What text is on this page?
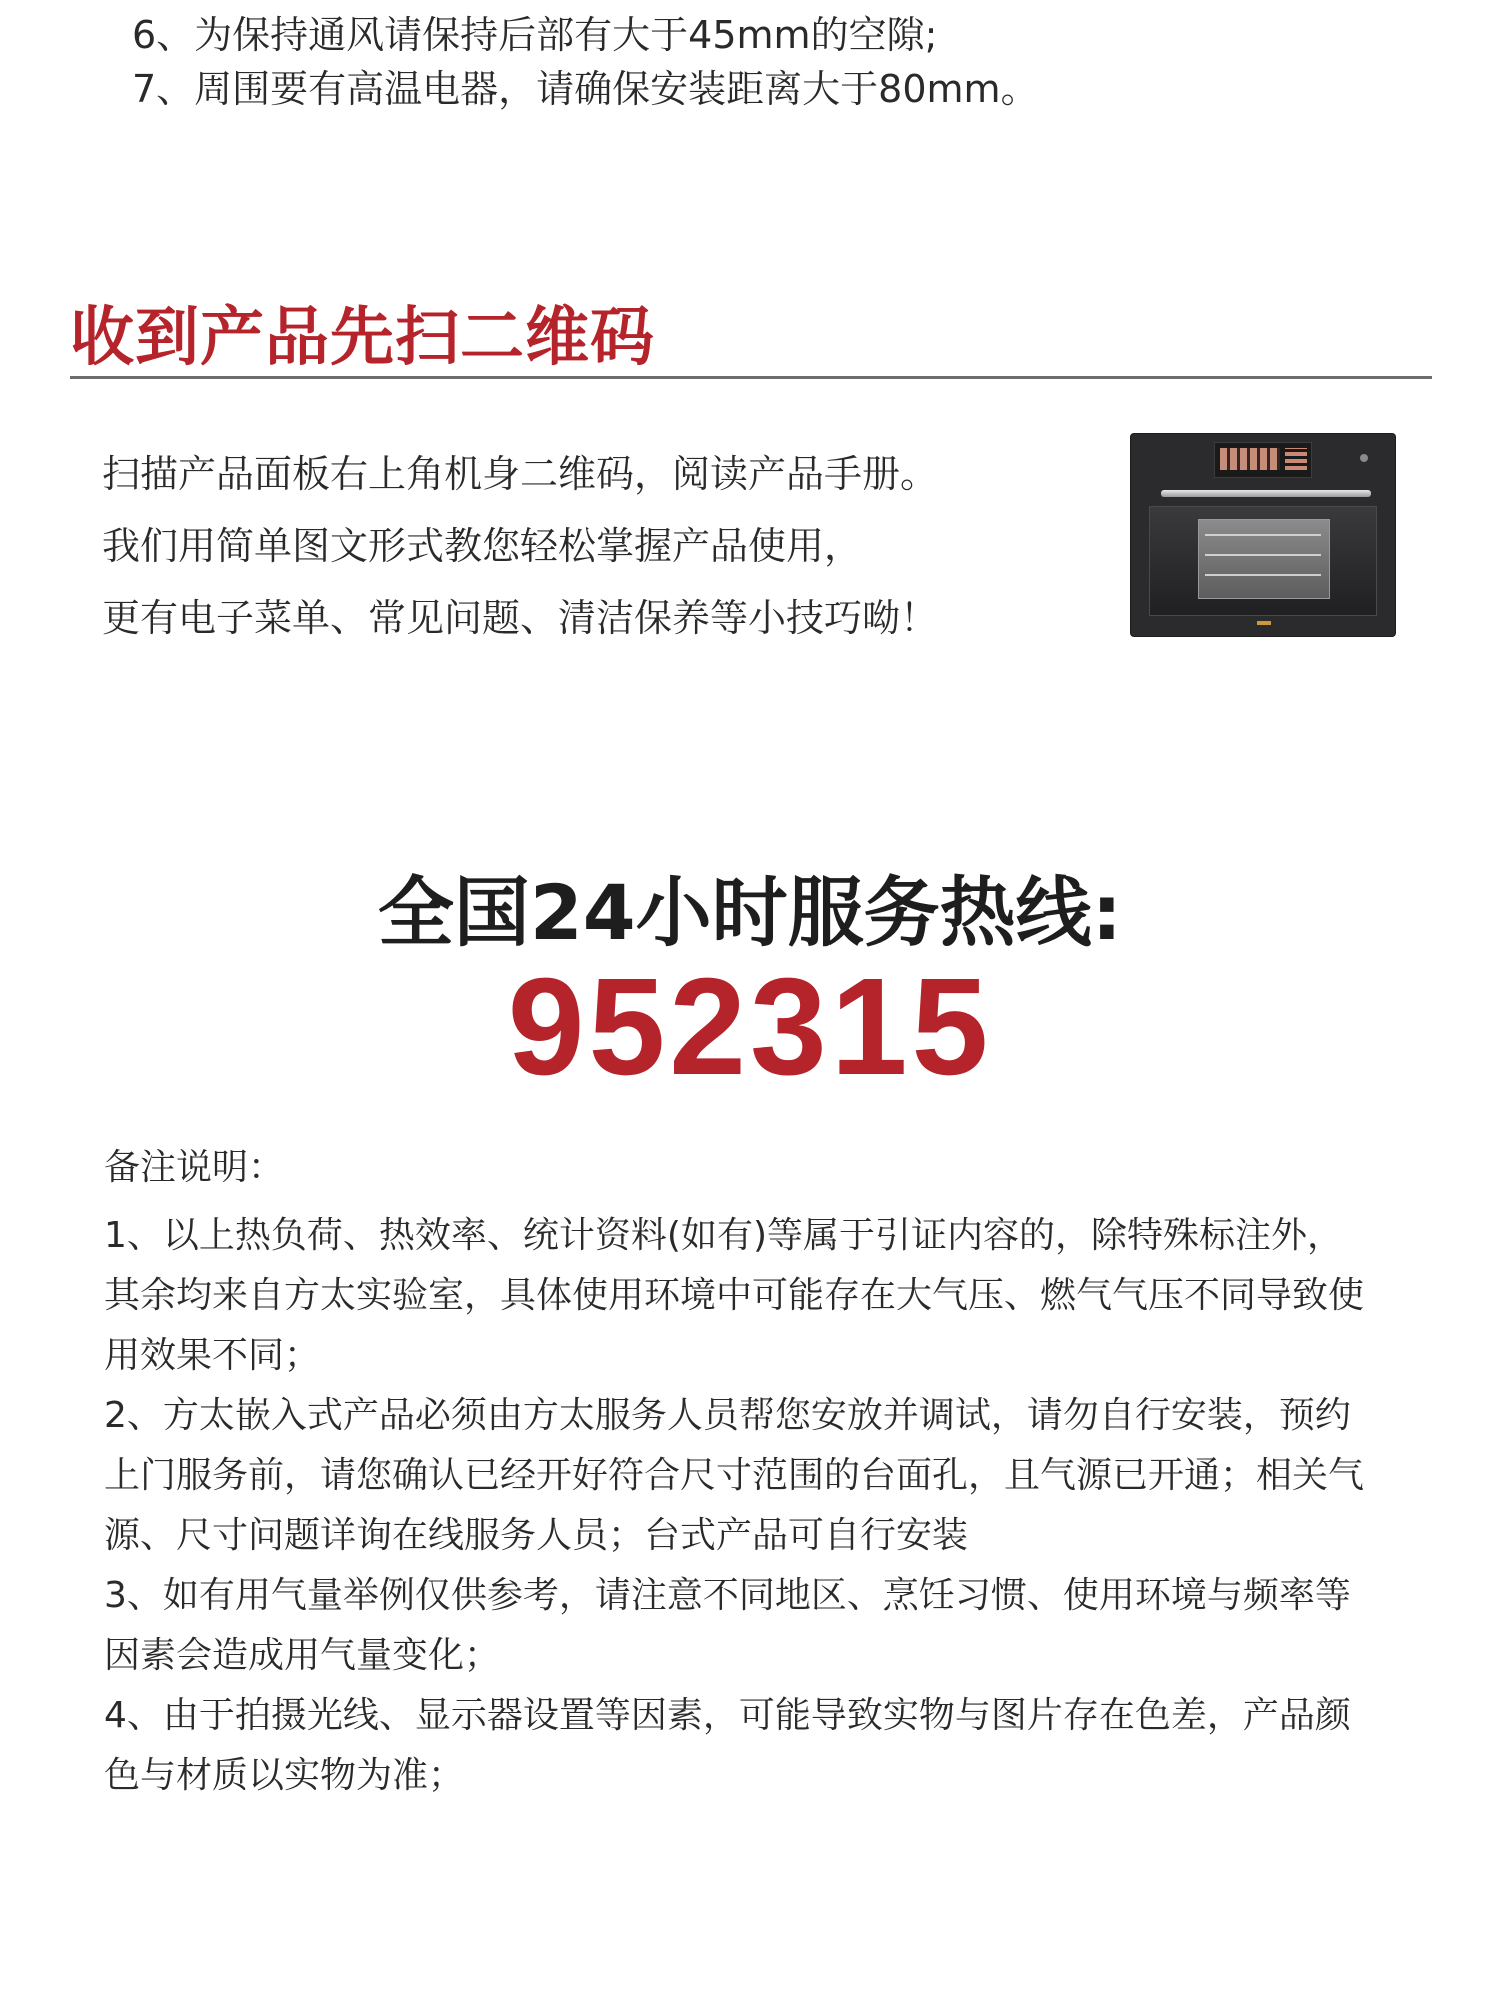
6、为保持通风请保持后部有大于45mm的空隙;
7、周围要有高温电器，请确保安装距离大于80mm。
收到产品先扫二维码
扫描产品面板右上角机身二维码，阅读产品手册。
我们用简单图文形式教您轻松掌握产品使用，
更有电子菜单、常见问题、清洁保养等小技巧呦！
全国24小时服务热线:
952315
备注说明：
1、以上热负荷、热效率、统计资料(如有)等属于引证内容的，除特殊标注外，
其余均来自方太实验室，具体使用环境中可能存在大气压、燃气气压不同导致使
用效果不同；
2、方太嵌入式产品必须由方太服务人员帮您安放并调试，请勿自行安装，预约
上门服务前，请您确认已经开好符合尺寸范围的台面孔，且气源已开通；相关气
源、尺寸问题详询在线服务人员；台式产品可自行安装
3、如有用气量举例仅供参考，请注意不同地区、烹饪习惯、使用环境与频率等
因素会造成用气量变化；
4、由于拍摄光线、显示器设置等因素，可能导致实物与图片存在色差，产品颜
色与材质以实物为准；
